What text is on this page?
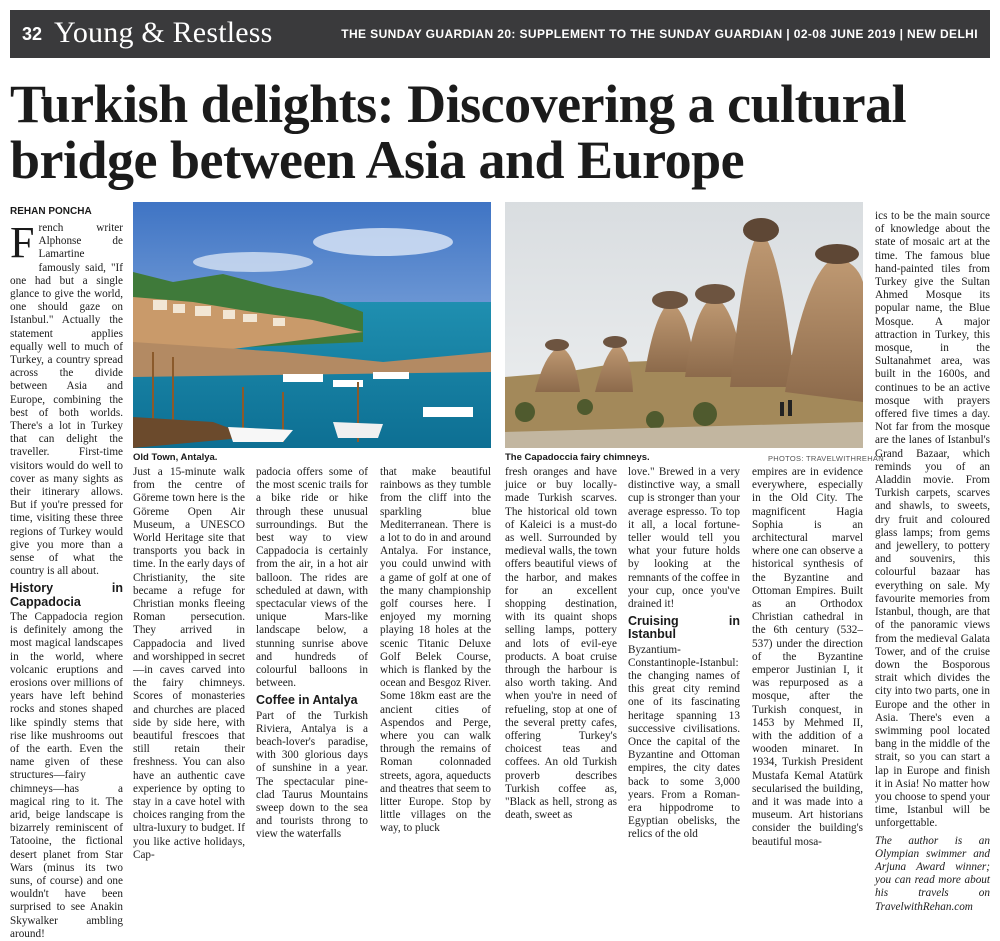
32 Young & Restless	THE SUNDAY GUARDIAN 20: SUPPLEMENT TO THE SUNDAY GUARDIAN | 02-08 JUNE 2019 | NEW DELHI
Turkish delights: Discovering a cultural
bridge between Asia and Europe
REHAN PONCHA
F rench writer Alphonse de Lamartine famously said, "If one had but a single glance to give the world, one should gaze on Istanbul." Actually the statement applies equally well to much of Turkey, a country spread across the divide between Asia and Europe, combining the best of both worlds. There's a lot in Turkey that can delight the traveller. First-time visitors would do well to cover as many sights as their itinerary allows. But if you're pressed for time, visiting these three regions of Turkey would give you more than a sense of what the country is all about.

History in Cappadocia

The Cappadocia region is definitely among the most magical landscapes in the world, where volcanic eruptions and erosions over millions of years have left behind rocks and stones shaped like spindly stems that rise like mushrooms out of the earth. Even the name given of these structures—fairy chimneys—has a magical ring to it. The arid, beige landscape is bizarrely reminiscent of Tatooine, the fictional desert planet from Star Wars (minus its two suns, of course) and one wouldn't have been surprised to see Anakin Skywalker ambling around!

Old Town, Antalya.	The Capadoccia fairy chimneys.	PHOTOS: TRAVELWITHREHAN

Just a 15-minute walk from the centre of Göreme town here is the Göreme Open Air Museum, a UNESCO World Heritage site that transports you back in time. In the early days of Christianity, the site became a refuge for Christian monks fleeing Roman persecution. They arrived in Cappadocia and lived and worshipped in secret—in caves carved into the fairy chimneys. Scores of monasteries and churches are placed side by side here, with beautiful frescoes that still retain their freshness. You can also have an authentic cave experience by opting to stay in a cave hotel with choices ranging from the ultra-luxury to budget. If you like active holidays, Cap-

padocia offers some of the most scenic trails for a bike ride or hike through these unusual surroundings. But the best way to view Cappadocia is certainly from the air, in a hot air balloon. The rides are scheduled at dawn, with spectacular views of the unique Mars-like landscape below, a stunning sunrise above and hundreds of colourful balloons in between.

Coffee in Antalya

Part of the Turkish Riviera, Antalya is a beach-lover's paradise, with 300 glorious days of sunshine in a year. The spectacular pine-clad Taurus Mountains sweep down to the sea and tourists throng to view the waterfalls

that make beautiful rainbows as they tumble from the cliff into the sparkling blue Mediterranean. There is a lot to do in and around Antalya. For instance, you could unwind with a game of golf at one of the many championship golf courses here. I enjoyed my morning playing 18 holes at the scenic Titanic Deluxe Golf Belek Course, which is flanked by the ocean and Besgoz River. Some 18km east are the ancient cities of Aspendos and Perge, where you can walk through the remains of Roman colonnaded streets, agora, aqueducts and theatres that seem to litter Europe. Stop by little villages on the way, to pluck

fresh oranges and have juice or buy locally-made Turkish scarves. The historical old town of Kaleici is a must-do as well. Surrounded by medieval walls, the town offers beautiful views of the harbor, and makes for an excellent shopping destination, with its quaint shops selling lamps, pottery and lots of evil-eye products. A boat cruise through the harbour is also worth taking. And when you're in need of refueling, stop at one of the several pretty cafes, offering Turkey's choicest teas and coffees. An old Turkish proverb describes Turkish coffee as, "Black as hell, strong as death, sweet as

love." Brewed in a very distinctive way, a small cup is stronger than your average espresso. To top it all, a local fortune-teller would tell you what your future holds by looking at the remnants of the coffee in your cup, once you've drained it!

Cruising in Istanbul

Byzantium-Constantinople-Istanbul: the changing names of this great city remind one of its fascinating heritage spanning 13 successive civilisations. Once the capital of the Byzantine and Ottoman empires, the city dates back to some 3,000 years. From a Roman-era hippodrome to Egyptian obelisks, the relics of the old

empires are in evidence everywhere, especially in the Old City. The magnificent Hagia Sophia is an architectural marvel where one can observe a historical synthesis of the Byzantine and Ottoman Empires. Built as an Orthodox Christian cathedral in the 6th century (532–537) under the direction of the Byzantine emperor Justinian I, it was repurposed as a mosque, after the Turkish conquest, in 1453 by Mehmed II, with the addition of a wooden minaret. In 1934, Turkish President Mustafa Kemal Atatürk secularised the building, and it was made into a museum. Art historians consider the building's beautiful mosa-

ics to be the main source of knowledge about the state of mosaic art at the time. The famous blue hand-painted tiles from Turkey give the Sultan Ahmed Mosque its popular name, the Blue Mosque. A major attraction in Turkey, this mosque, in the Sultanahmet area, was built in the 1600s, and continues to be an active mosque with prayers offered five times a day. Not far from the mosque are the lanes of Istanbul's Grand Bazaar, which reminds you of an Aladdin movie. From Turkish carpets, scarves and shawls, to sweets, dry fruit and coloured glass lamps; from gems and jewellery, to pottery and souvenirs, this colourful bazaar has everything on sale. My favourite memories from Istanbul, though, are that of the panoramic views from the medieval Galata Tower, and of the cruise down the Bosporous strait which divides the city into two parts, one in Europe and the other in Asia. There's even a swimming pool located bang in the middle of the strait, so you can start a lap in Europe and finish it in Asia! No matter how you choose to spend your time, Istanbul will be unforgettable.

The author is an Olympian swimmer and Arjuna Award winner; you can read more about his travels on TravelwithRehan.com
